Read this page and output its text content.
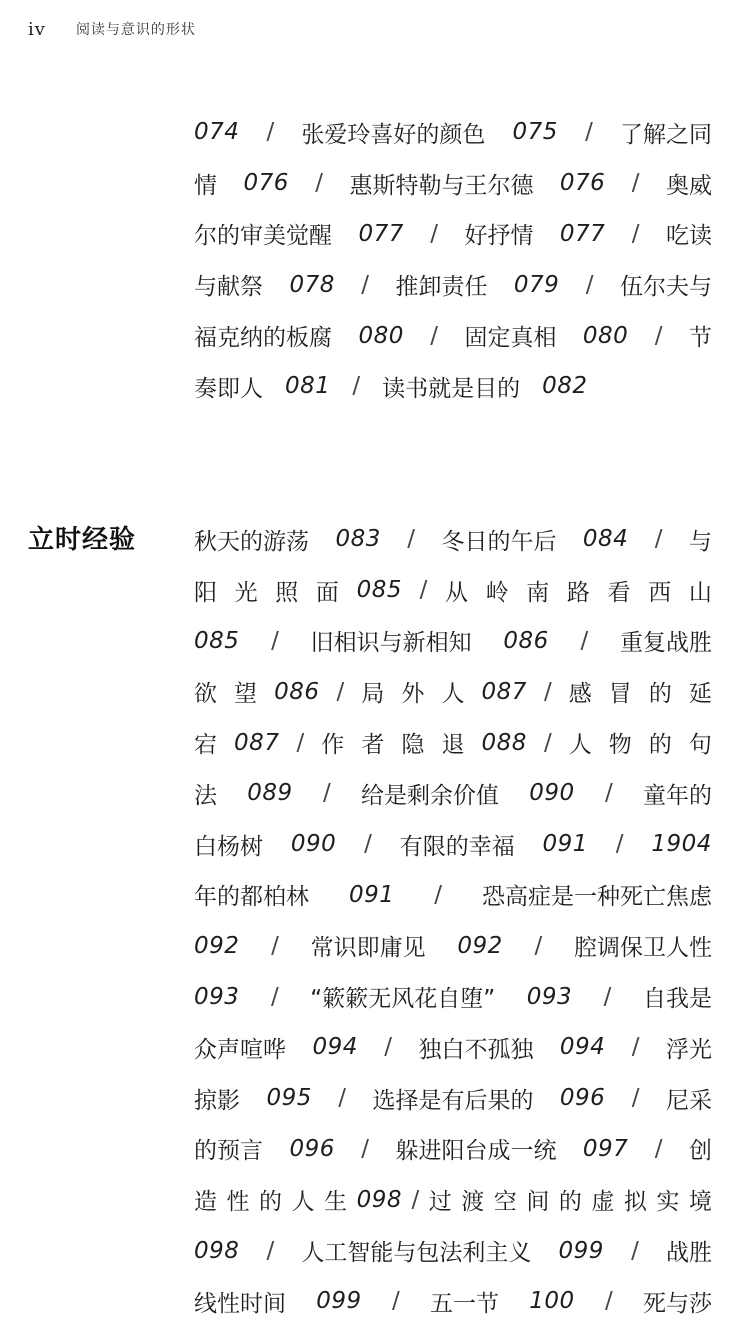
iv 阅读与意识的形状
074 / 张爱玲喜好的颜色 075 / 了解之同
情 076 / 惠斯特勒与王尔德 076 / 奥威
尔的审美觉醒 077 / 好抒情 077 / 吃读
与献祭 078 / 推卸责任 079 / 伍尔夫与
福克纳的板腐 080 / 固定真相 080 / 节
奏即人 081 / 读书就是目的 082
立时经验	秋天的游荡 083 / 冬日的午后 084 / 与
阳 光 照 面 085 / 从 岭 南 路 看 西 山
085 / 旧相识与新相知 086 / 重复战胜
欲 望 086 / 局 外 人 087 / 感 冒 的 延
宕 087 / 作 者 隐 退 088 / 人 物 的 句
法 089 / 给是剩余价值 090 / 童年的
白杨树 090 / 有限的幸福 091 / 1904
年的都柏林 091 / 恐高症是一种死亡焦虑
092 / 常识即庸见 092 / 腔调保卫人性
093 / “簌簌无风花自堕” 093 / 自我是
众声喧哗 094 / 独白不孤独 094 / 浮光
掠影 095 / 选择是有后果的 096 / 尼采
的预言 096 / 躲进阳台成一统 097 / 创
造 性 的 人 生 098 / 过 渡 空 间 的 虚 拟 实 境
098 / 人工智能与包法利主义 099 / 战胜
线性时间 099 / 五一节 100 / 死与莎
